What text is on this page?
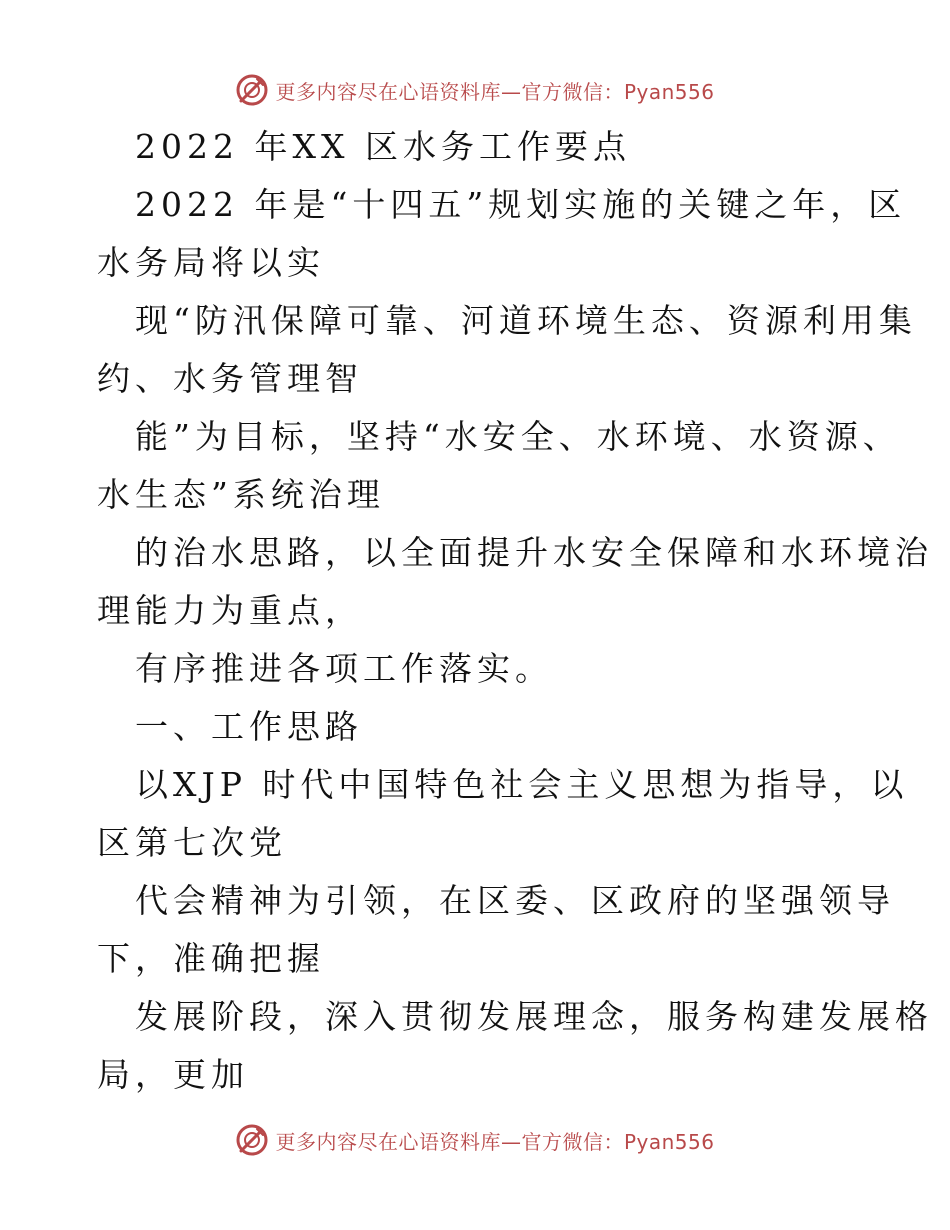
更多内容尽在心语资料库—官方微信：Pyan556
2022 年XX 区水务工作要点
2022 年是“十四五”规划实施的关键之年，区
水务局将以实
现“防汛保障可靠、河道环境生态、资源利用集
约、水务管理智
能”为目标，坚持“水安全、水环境、水资源、
水生态”系统治理
的治水思路，以全面提升水安全保障和水环境治
理能力为重点，
有序推进各项工作落实。
一、工作思路
以XJP 时代中国特色社会主义思想为指导，以
区第七次党
代会精神为引领，在区委、区政府的坚强领导
下，准确把握
发展阶段，深入贯彻发展理念，服务构建发展格
局，更加
更多内容尽在心语资料库—官方微信：Pyan556
